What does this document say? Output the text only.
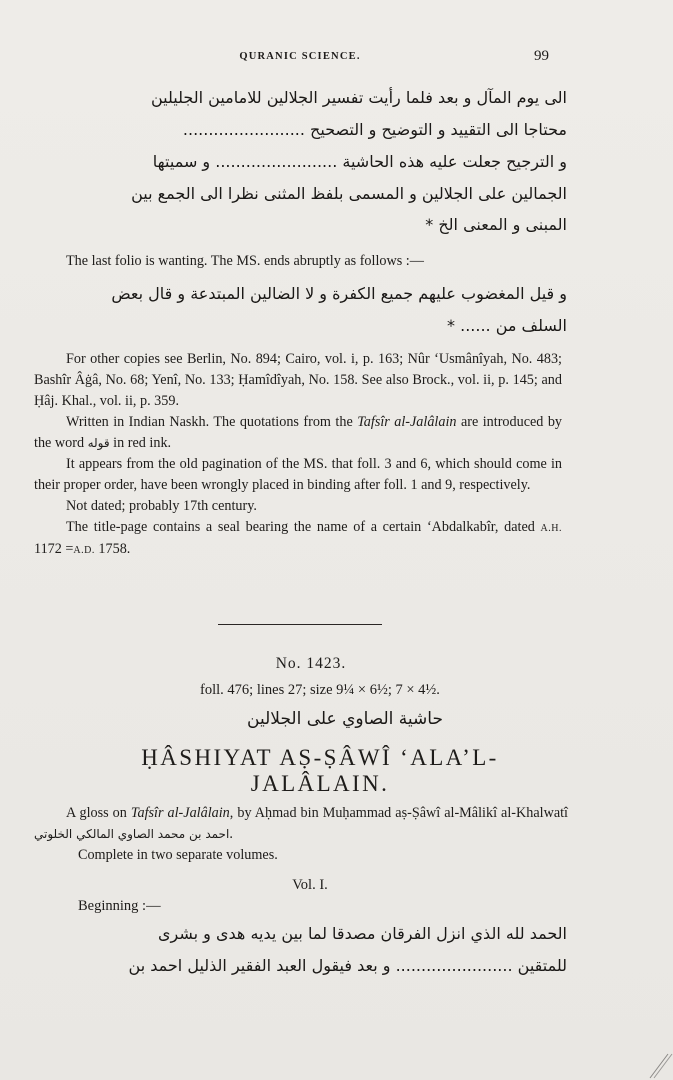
QURANIC SCIENCE.	99
الى يوم المآل و بعد فلما رأيت تفسير الجلالين للامامين الجليلين
محتاجا الى التقييد و التوضيح و التصحيح ........................
و الترجيح جعلت عليه هذه الحاشية ........................ و سميتها
الجمالين على الجلالين و المسمى بلفظ المثنى نظرا الى الجمع بين
المبنى و المعنى الخ *

The last folio is wanting. The MS. ends abruptly as follows :—

و قيل المغضوب عليهم جميع الكفرة و لا الضالين المبتدعة و قال بعض
السلف من ...... *

For other copies see Berlin, No. 894; Cairo, vol. i, p. 163; Nûr ‘Usmânîyah, No. 483; Bashîr Âġâ, No. 68; Yenî, No. 133; Ḥamîdîyah, No. 158. See also Brock., vol. ii, p. 145; and Ḥâj. Khal., vol. ii, p. 359.

Written in Indian Naskh. The quotations from the Tafsîr al-Jalâlain are introduced by the word قوله in red ink.

It appears from the old pagination of the MS. that foll. 3 and 6, which should come in their proper order, have been wrongly placed in binding after foll. 1 and 9, respectively.

Not dated; probably 17th century.

The title-page contains a seal bearing the name of a certain ‘Abdalkabîr, dated A.H. 1172 =A.D. 1758.

No. 1423.
foll. 476; lines 27; size 9¼ × 6½; 7 × 4½.
حاشية الصاوي على الجلالين
ḤÂSHIYAT AṢ-ṢÂWÎ ‘ALA’L-
JALÂLAIN.

A gloss on Tafsîr al-Jalâlain, by Aḥmad bin Muḥammad aṣ-Ṣâwî al-Mâlikî al-Khalwatî احمد بن محمد الصاوي المالكي الخلوتي.

Complete in two separate volumes.

Vol. I.
Beginning :—
الحمد لله الذي انزل الفرقان مصدقا لما بين يديه هدى و بشرى
للمتقين ....................... و بعد فيقول العبد الفقير الذليل احمد بن
